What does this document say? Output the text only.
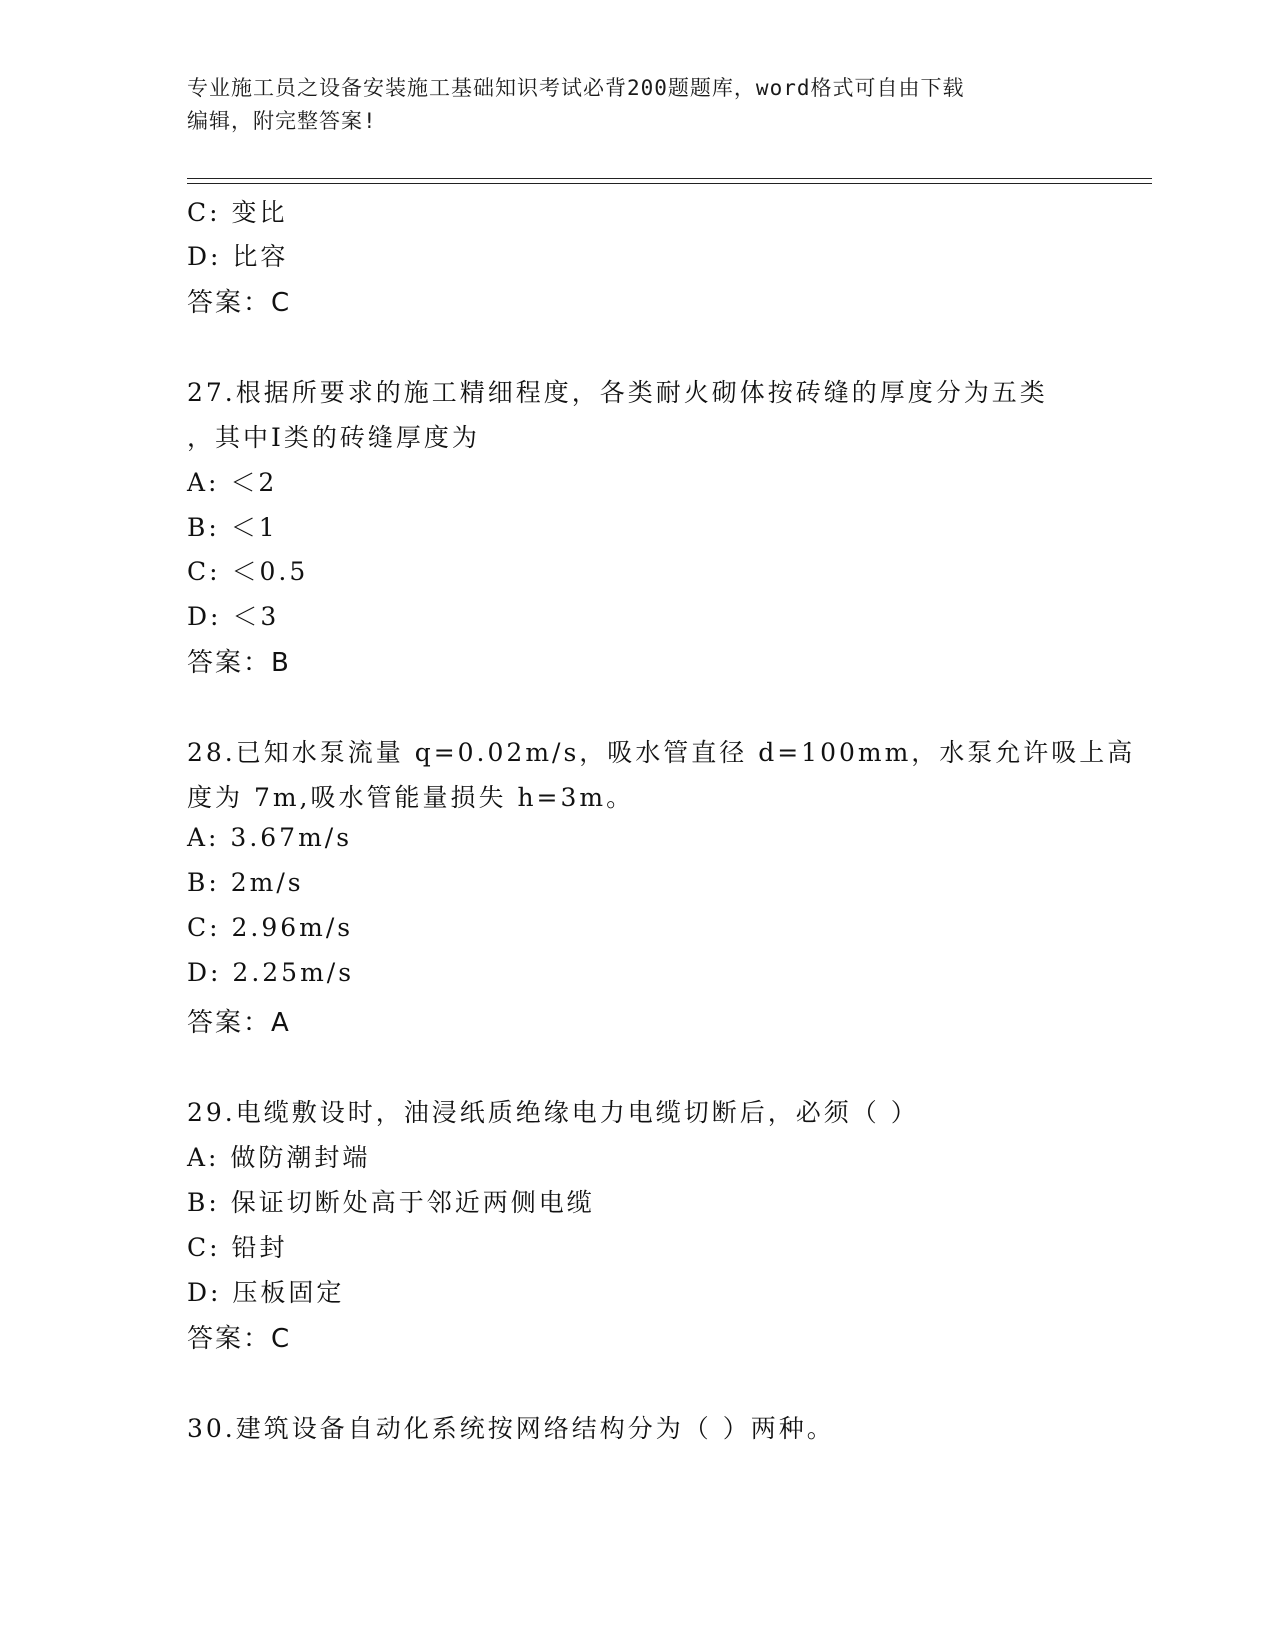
专业施工员之设备安装施工基础知识考试必背200题题库，word格式可自由下载
编辑，附完整答案!
C: 变比
D: 比容
答案：C
27.根据所要求的施工精细程度，各类耐火砌体按砖缝的厚度分为五类
，其中Ⅰ类的砖缝厚度为
A: ＜2
B: ＜1
C: ＜0.5
D: ＜3
答案：B
28.已知水泵流量 q=0.02m/s，吸水管直径 d=100mm，水泵允许吸上高
度为 7m,吸水管能量损失 h=3m。
A: 3.67m/s
B: 2m/s
C: 2.96m/s
D: 2.25m/s
答案：A
29.电缆敷设时，油浸纸质绝缘电力电缆切断后，必须（ ）
A: 做防潮封端
B: 保证切断处高于邻近两侧电缆
C: 铅封
D: 压板固定
答案：C
30.建筑设备自动化系统按网络结构分为（ ）两种。
